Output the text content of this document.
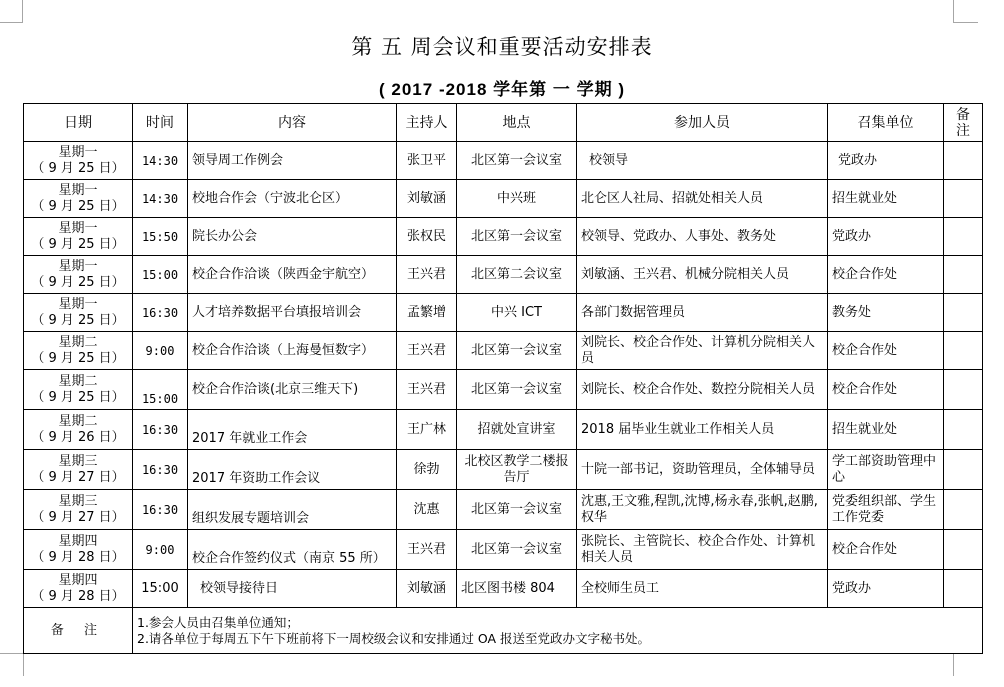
第 五 周会议和重要活动安排表
( 2017 -2018 学年第 一 学期 )
日期	时间	内容	主持人	地点	参加人员	召集单位	备
注

星期一
（ 9 月 25 日）	14:30	领导周工作例会	张卫平	北区第一会议室	校领导	党政办	

星期一
（ 9 月 25 日）	14:30	校地合作会（宁波北仑区）	刘敏涵	中兴班	北仑区人社局、招就处相关人员	招生就业处	

星期一
（ 9 月 25 日）	15:50	院长办公会	张权民	北区第一会议室	校领导、党政办、人事处、教务处	党政办	

星期一
（ 9 月 25 日）	15:00	校企合作洽谈（陕西金宇航空）	王兴君	北区第二会议室	刘敏涵、王兴君、机械分院相关人员	校企合作处	

星期一
（ 9 月 25 日）	16:30	人才培养数据平台填报培训会	孟繁增	中兴 ICT	各部门数据管理员	教务处	

星期二
（ 9 月 25 日）	9:00	校企合作洽谈（上海曼恒数字）	王兴君	北区第一会议室	刘院长、校企合作处、计算机分院相关人员	校企合作处	

星期二
（ 9 月 25 日）	15:00	校企合作洽谈(北京三维天下)	王兴君	北区第一会议室	刘院长、校企合作处、数控分院相关人员	校企合作处	

星期二
（ 9 月 26 日）	16:30	2017 年就业工作会	王广林	招就处宣讲室	2018 届毕业生就业工作相关人员	招生就业处	

星期三
（ 9 月 27 日）	16:30	2017 年资助工作会议	徐勃	北校区教学二楼报告厅	十院一部书记，资助管理员，全体辅导员	学工部资助管理中心	

星期三
（ 9 月 27 日）	16:30	组织发展专题培训会	沈惠	北区第一会议室	沈惠,王文雅,程凯,沈博,杨永春,张帆,赵鹏,权华	党委组织部、学生工作党委	

星期四
（ 9 月 28 日）	9:00	校企合作签约仪式（南京 55 所）	王兴君	北区第一会议室	张院长、主管院长、校企合作处、计算机相关人员	校企合作处	

星期四
（ 9 月 28 日）	15:00	校领导接待日	刘敏涵	北区图书楼 804	全校师生员工	党政办	
备 注	1.参会人员由召集单位通知；
2.请各单位于每周五下午下班前将下一周校级会议和安排通过 OA 报送至党政办文字秘书处。						
